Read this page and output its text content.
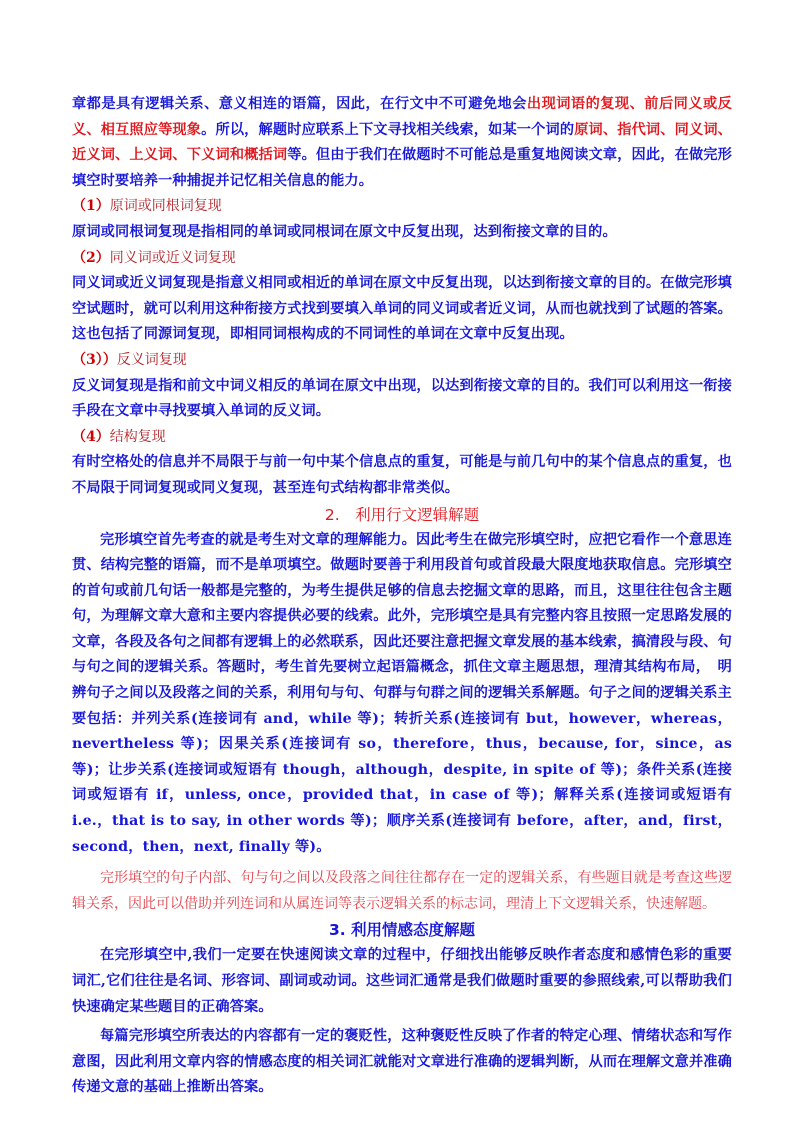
章都是具有逻辑关系、意义相连的语篇，因此，在行文中不可避免地会出现词语的复现、前后同义或反义、相互照应等现象。所以，解题时应联系上下文寻找相关线索，如某一个词的原词、指代词、同义词、近义词、上义词、下义词和概括词等。但由于我们在做题时不可能总是重复地阅读文章，因此，在做完形填空时要培养一种捕捉并记忆相关信息的能力。

（1）原词或同根词复现

原词或同根词复现是指相同的单词或同根词在原文中反复出现，达到衔接文章的目的。

（2）同义词或近义词复现

同义词或近义词复现是指意义相同或相近的单词在原文中反复出现，以达到衔接文章的目的。在做完形填空试题时，就可以利用这种衔接方式找到要填入单词的同义词或者近义词，从而也就找到了试题的答案。这也包括了同源词复现，即相同词根构成的不同词性的单词在文章中反复出现。

（3））反义词复现

反义词复现是指和前文中词义相反的单词在原文中出现，以达到衔接文章的目的。我们可以利用这一衔接手段在文章中寻找要填入单词的反义词。

（4）结构复现

有时空格处的信息并不局限于与前一句中某个信息点的重复，可能是与前几句中的某个信息点的重复，也不局限于同词复现或同义复现，甚至连句式结构都非常类似。

2.　利用行文逻辑解题

完形填空首先考查的就是考生对文章的理解能力。因此考生在做完形填空时，应把它看作一个意思连贯、结构完整的语篇，而不是单项填空。做题时要善于利用段首句或首段最大限度地获取信息。完形填空的首句或前几句话一般都是完整的，为考生提供足够的信息去挖掘文章的思路，而且，这里往往包含主题句，为理解文章大意和主要内容提供必要的线索。此外，完形填空是具有完整内容且按照一定思路发展的文章，各段及各句之间都有逻辑上的必然联系，因此还要注意把握文章发展的基本线索，搞清段与段、句与句之间的逻辑关系。答题时，考生首先要树立起语篇概念，抓住文章主题思想，理清其结构布局，　明辨句子之间以及段落之间的关系，利用句与句、句群与句群之间的逻辑关系解题。句子之间的逻辑关系主要包括：并列关系(连接词有 and，while 等)；转折关系(连接词有 but，however，whereas，nevertheless 等)；因果关系(连接词有 so，therefore，thus，because, for，since，as 等)；让步关系(连接词或短语有 though，although，despite, in spite of 等)；条件关系(连接词或短语有 if，unless, once，provided that，in case of 等)；解释关系(连接词或短语有 i.e.，that is to say, in other words 等)；顺序关系(连接词有 before，after，and，first，second，then，next, finally 等)。

完形填空的句子内部、句与句之间以及段落之间往往都存在一定的逻辑关系，有些题目就是考查这些逻辑关系，因此可以借助并列连词和从属连词等表示逻辑关系的标志词，理清上下文逻辑关系，快速解题。

3. 利用情感态度解题

在完形填空中,我们一定要在快速阅读文章的过程中，仔细找出能够反映作者态度和感情色彩的重要词汇,它们往往是名词、形容词、副词或动词。这些词汇通常是我们做题时重要的参照线索,可以帮助我们快速确定某些题目的正确答案。

每篇完形填空所表达的内容都有一定的褒贬性，这种褒贬性反映了作者的特定心理、情绪状态和写作意图，因此利用文章内容的情感态度的相关词汇就能对文章进行准确的逻辑判断，从而在理解文意并准确传递文意的基础上推断出答案。
